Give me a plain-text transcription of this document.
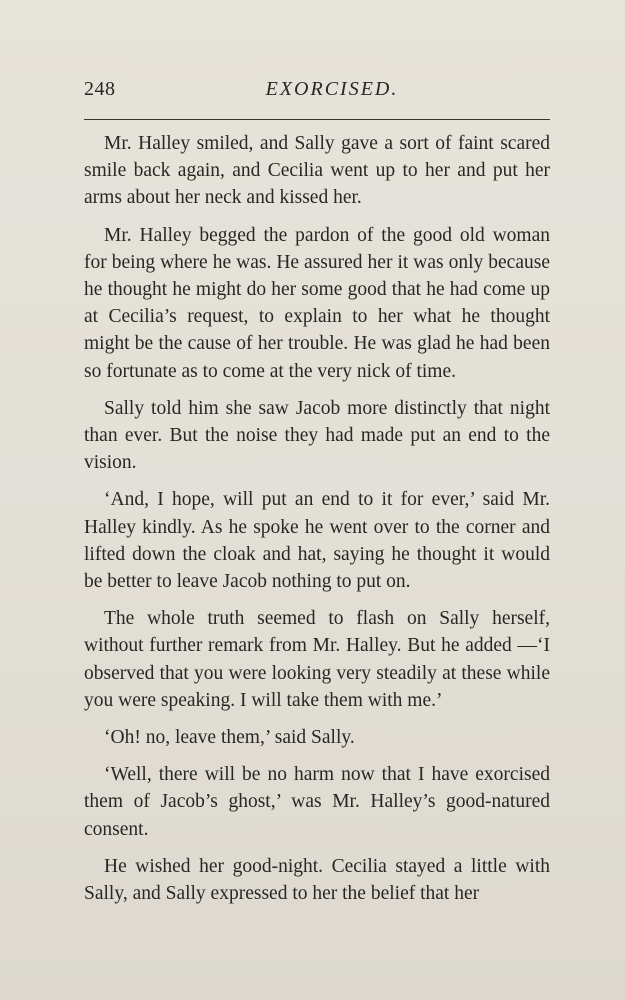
248	EXORCISED.

Mr. Halley smiled, and Sally gave a sort of faint scared smile back again, and Cecilia went up to her and put her arms about her neck and kissed her.

Mr. Halley begged the pardon of the good old woman for being where he was. He assured her it was only because he thought he might do her some good that he had come up at Cecilia’s request, to explain to her what he thought might be the cause of her trouble. He was glad he had been so fortunate as to come at the very nick of time.

Sally told him she saw Jacob more distinctly that night than ever. But the noise they had made put an end to the vision.

‘And, I hope, will put an end to it for ever,’ said Mr. Halley kindly. As he spoke he went over to the corner and lifted down the cloak and hat, saying he thought it would be better to leave Jacob nothing to put on.

The whole truth seemed to flash on Sally herself, without further remark from Mr. Halley. But he added —‘I observed that you were looking very steadily at these while you were speaking. I will take them with me.’

‘Oh! no, leave them,’ said Sally.

‘Well, there will be no harm now that I have exorcised them of Jacob’s ghost,’ was Mr. Halley’s good-natured consent.

He wished her good-night. Cecilia stayed a little with Sally, and Sally expressed to her the belief that her
